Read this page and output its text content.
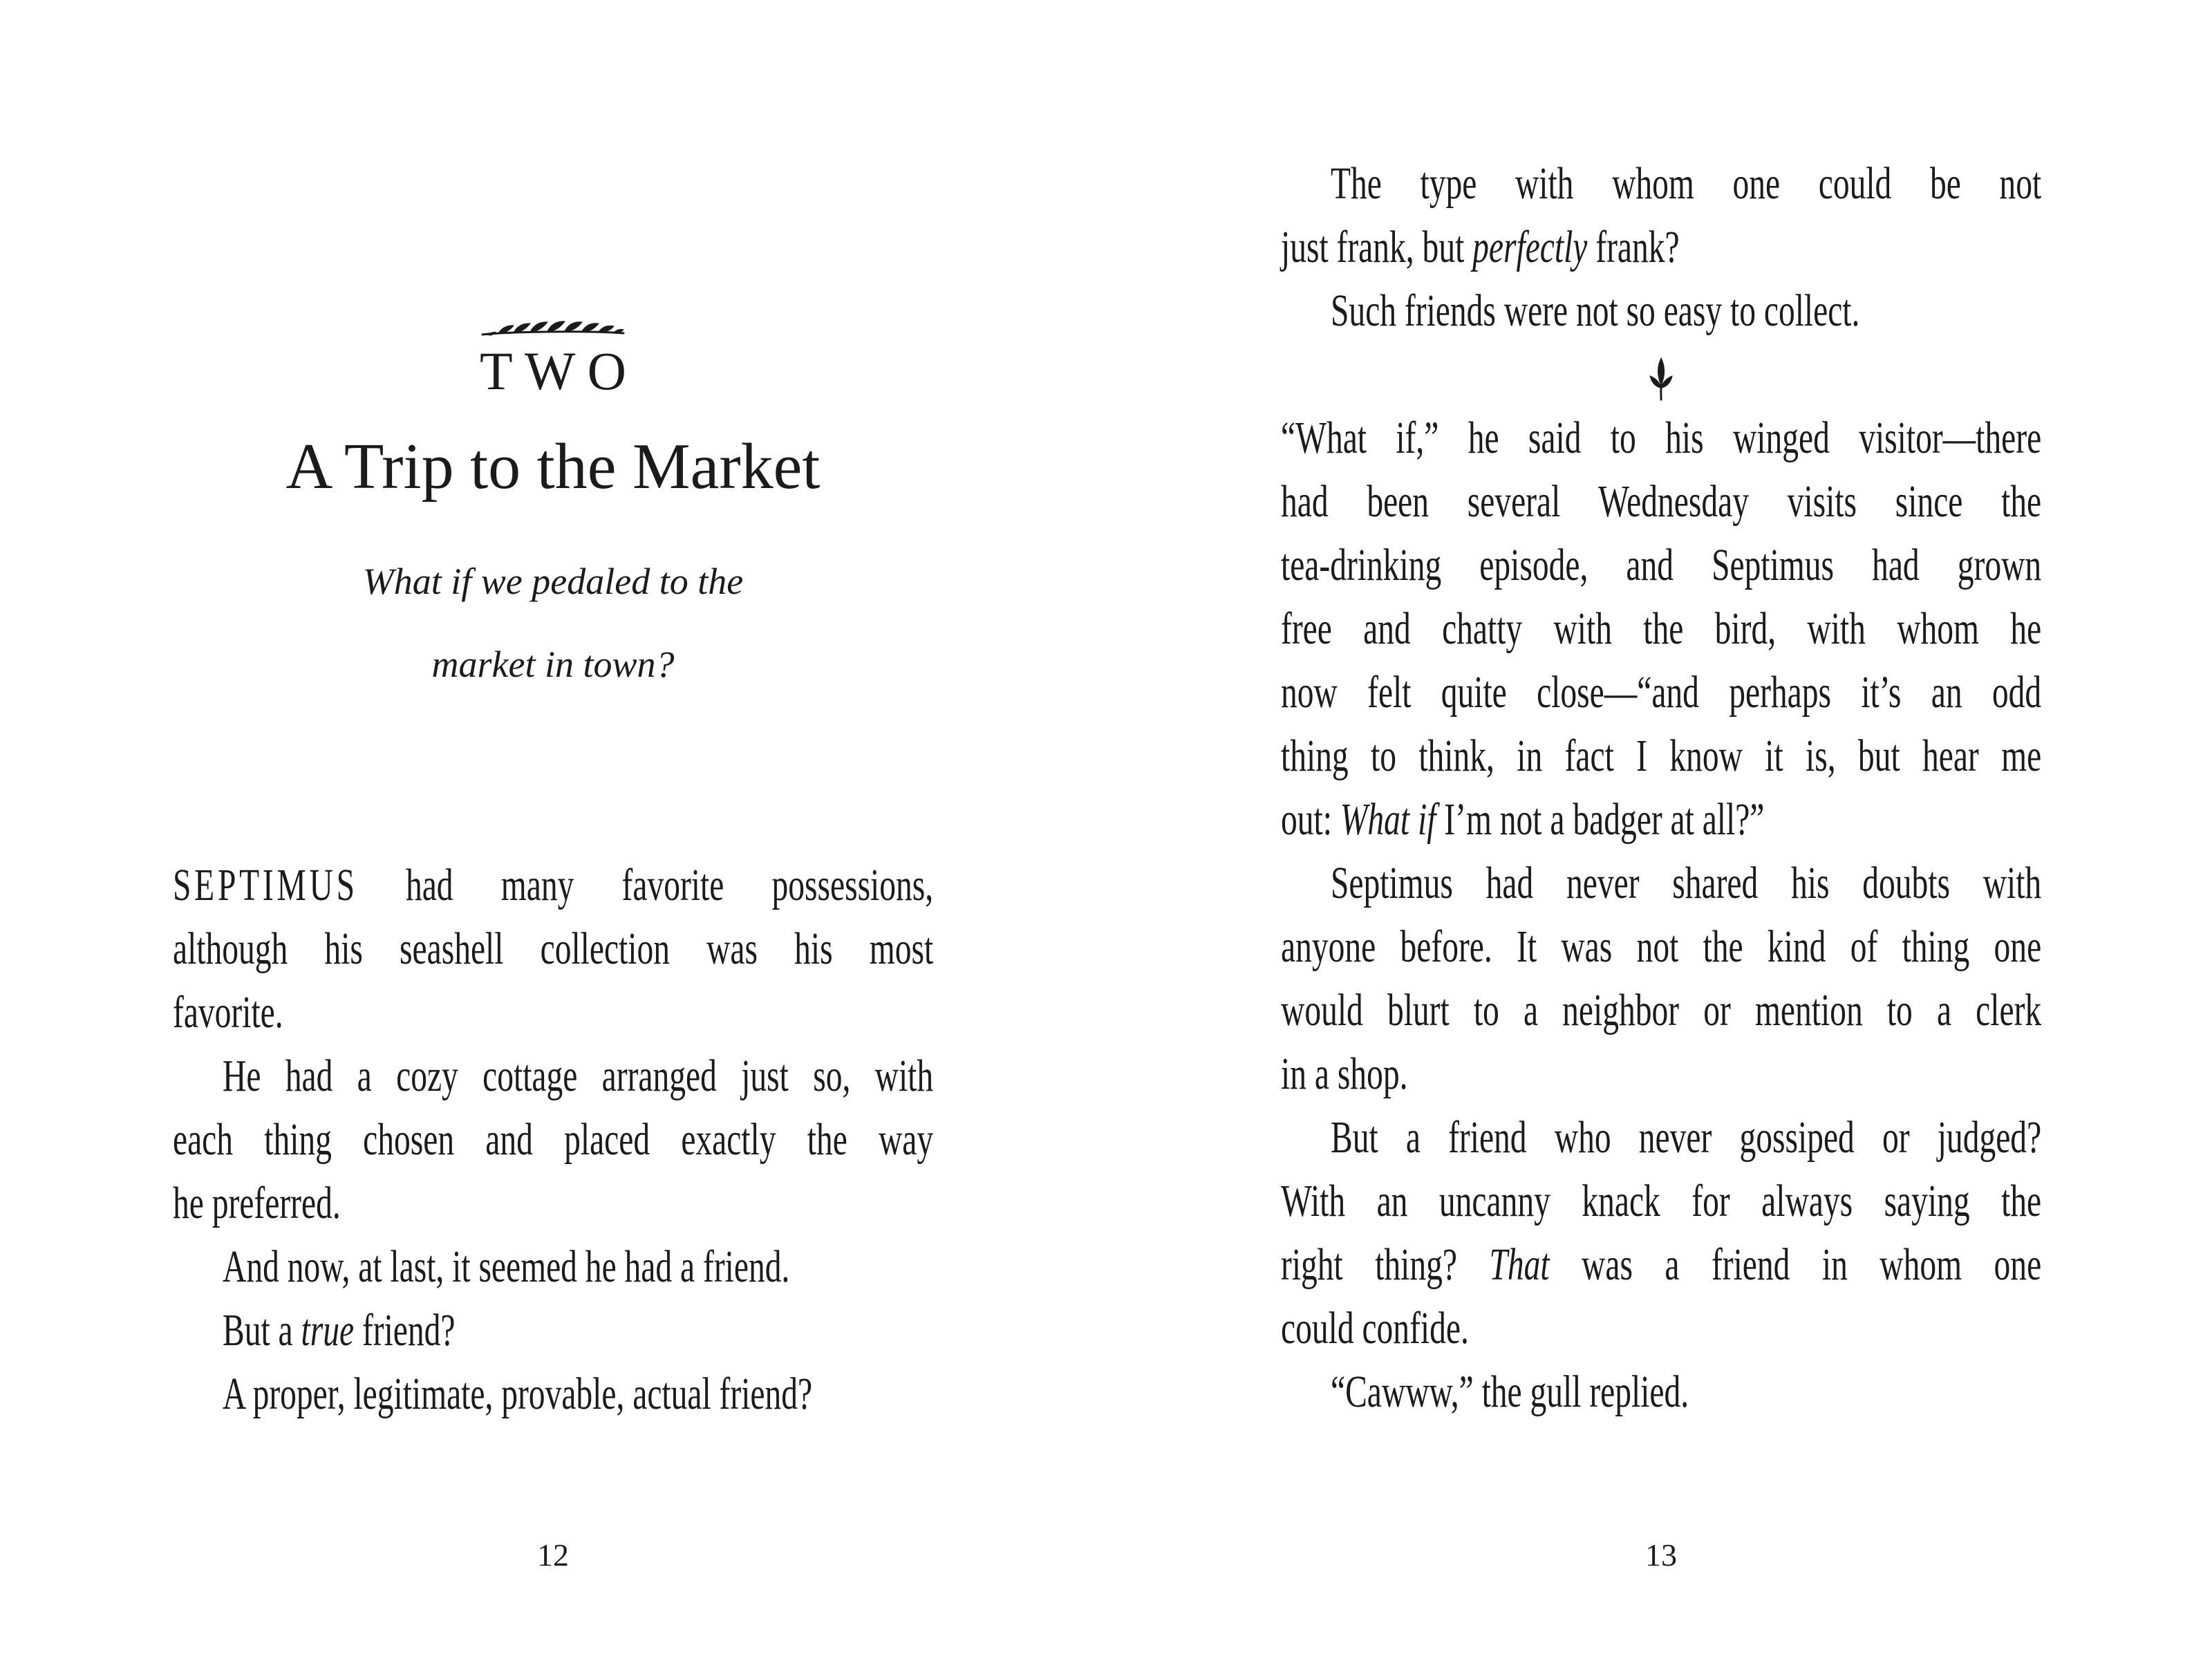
TWO
A Trip to the Market
What if we pedaled to the
market in town?
SEPTIMUS had many favorite possessions,
although his seashell collection was his most
favorite.
He had a cozy cottage arranged just so, with
each thing chosen and placed exactly the way
he preferred.
And now, at last, it seemed he had a friend.
But a true friend?
A proper, legitimate, provable, actual friend?
12
The type with whom one could be not
just frank, but perfectly frank?
Such friends were not so easy to collect.
“What if,” he said to his winged visitor—there
had been several Wednesday visits since the
tea-drinking episode, and Septimus had grown
free and chatty with the bird, with whom he
now felt quite close—“and perhaps it’s an odd
thing to think, in fact I know it is, but hear me
out: What if I’m not a badger at all?”
Septimus had never shared his doubts with
anyone before. It was not the kind of thing one
would blurt to a neighbor or mention to a clerk
in a shop.
But a friend who never gossiped or judged?
With an uncanny knack for always saying the
right thing? That was a friend in whom one
could confide.
“Cawww,” the gull replied.
13
